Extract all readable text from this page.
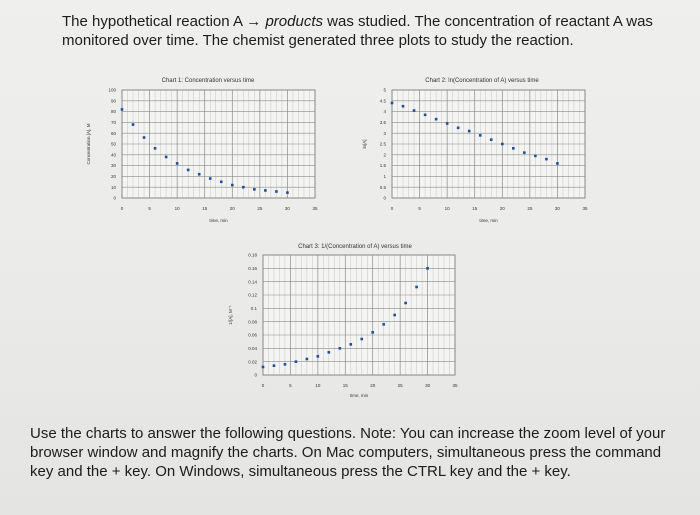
The hypothetical reaction A → products was studied. The concentration of reactant A was monitored over time. The chemist generated three plots to study the reaction.
0
10
20
30
40
50
60
70
80
90
100
0	5	10	15	20	25	30	35
Chart 1: Concentration versus time
time, min
Concentration [A], M
0
0.5
1
1.5
2
2.5
3
3.5
4
4.5
5
0	5	10	15	20	25	30	35
Chart 2: ln(Concentration of A) versus time
time, min
ln[A]
0
0.02
0.04
0.06
0.08
0.1
0.12
0.14
0.16
0.18
0	5	10	15	20	25	30	35
Chart 3: 1/(Concentration of A) versus time
time, min
1/[A], M⁻¹
Use the charts to answer the following questions. Note: You can increase the zoom level of your browser window and magnify the charts. On Mac computers, simultaneous press the command key and the + key. On Windows, simultaneous press the CTRL key and the + key.
